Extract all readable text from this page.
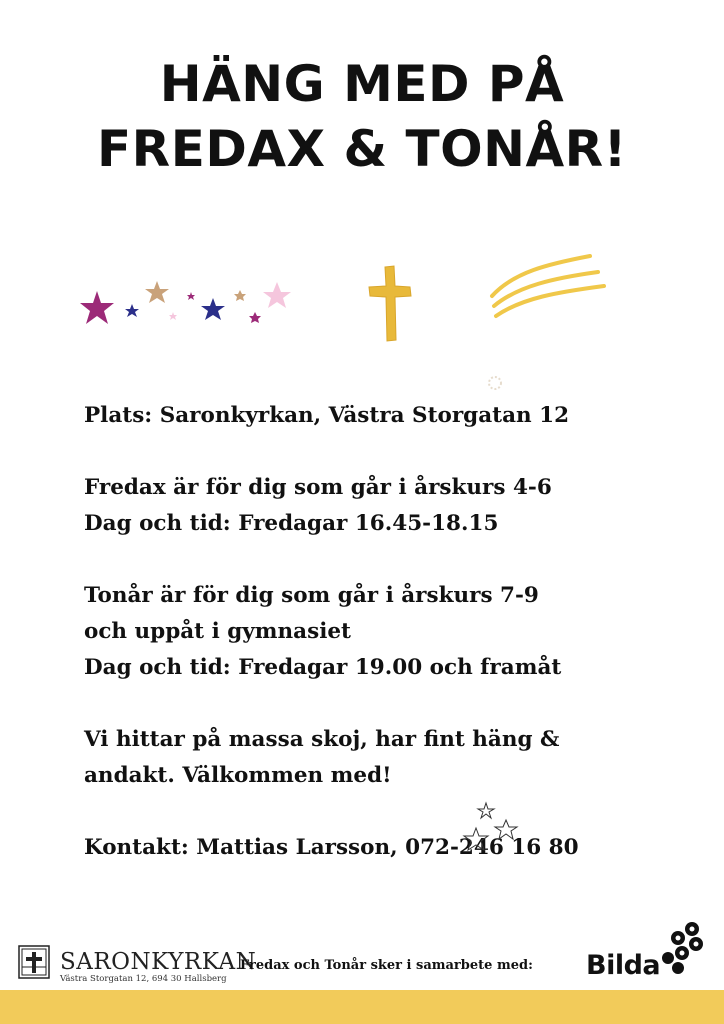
HÄNG MED PÅ
FREDAX & TONÅR!

Plats: Saronkyrkan, Västra Storgatan 12

Fredax är för dig som går i årskurs 4-6

Dag och tid: Fredagar 16.45-18.15

Tonår är för dig som går i årskurs 7-9

och uppåt i gymnasiet

Dag och tid: Fredagar 19.00 och framåt

Vi hittar på massa skoj, har fint häng &

andakt. Välkommen med!

Kontakt: Mattias Larsson, 072-246 16 80

SARONKYRKAN
Västra Storgatan 12, 694 30 Hallsberg
Fredax och Tonår sker i samarbete med: Bilda
